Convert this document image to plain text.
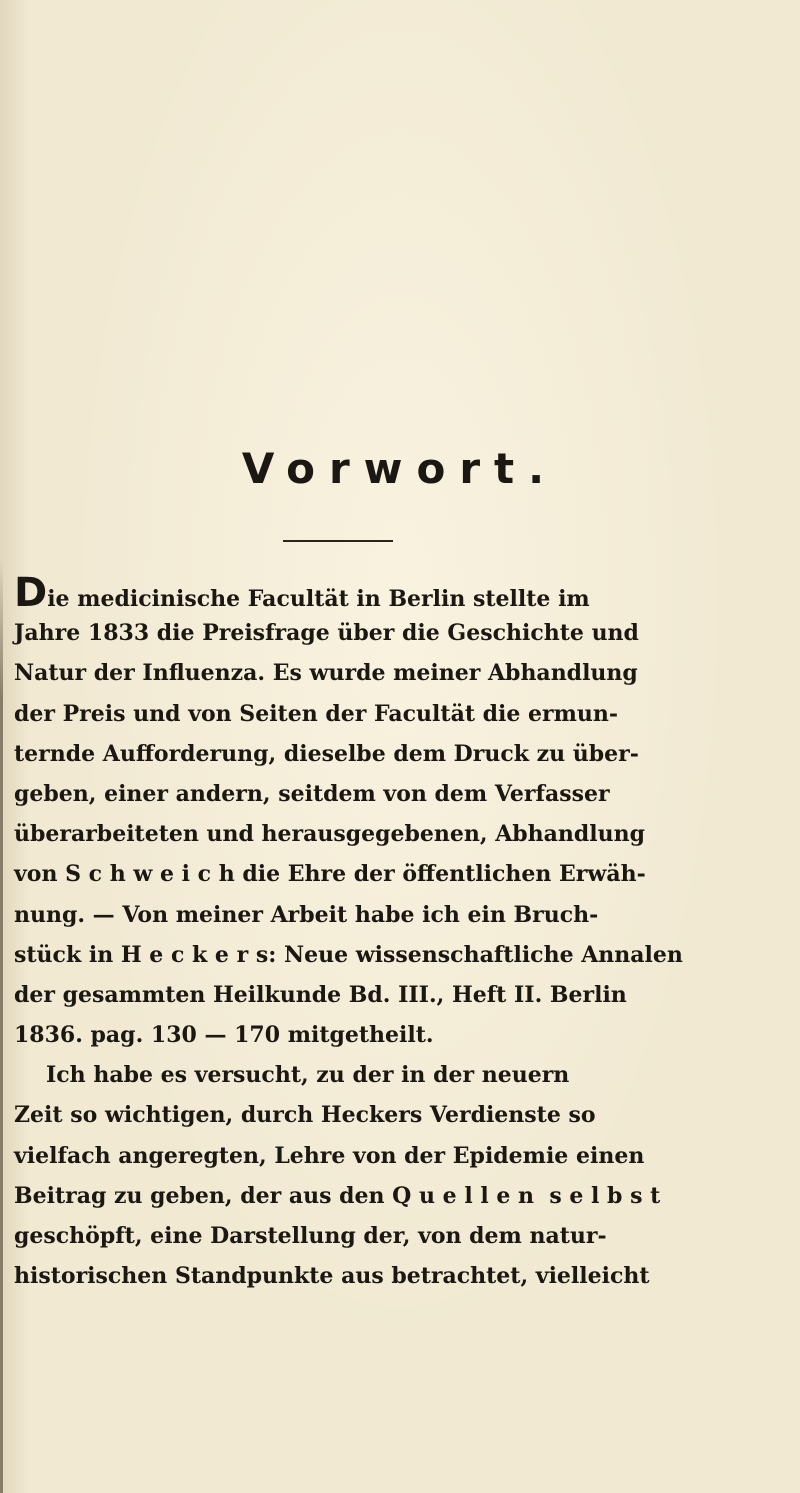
Vorwort.
Die medicinische Facultät in Berlin stellte im
Jahre 1833 die Preisfrage über die Geschichte und
Natur der Influenza. Es wurde meiner Abhandlung
der Preis und von Seiten der Facultät die ermun-
ternde Aufforderung, dieselbe dem Druck zu über-
geben, einer andern, seitdem von dem Verfasser
überarbeiteten und herausgegebenen, Abhandlung
von S c h w e i c h die Ehre der öffentlichen Erwäh-
nung. — Von meiner Arbeit habe ich ein Bruch-
stück in H e c k e r s: Neue wissenschaftliche Annalen
der gesammten Heilkunde Bd. III., Heft II. Berlin
1836. pag. 130 — 170 mitgetheilt.
Ich habe es versucht, zu der in der neuern
Zeit so wichtigen, durch Heckers Verdienste so
vielfach angeregten, Lehre von der Epidemie einen
Beitrag zu geben, der aus den Q u e l l e n  s e l b s t
geschöpft, eine Darstellung der, von dem natur-
historischen Standpunkte aus betrachtet, vielleicht
